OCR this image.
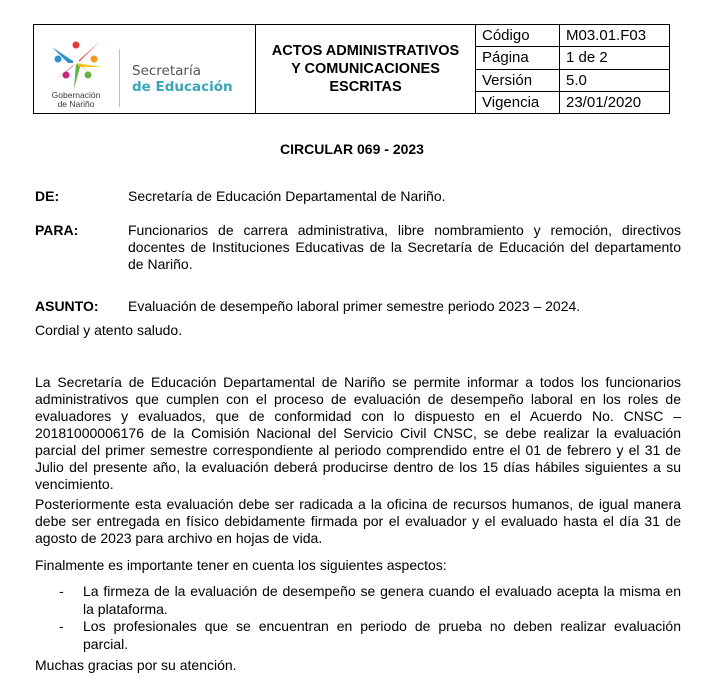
Gobernación
de Nariño
Secretaría
de Educación

ACTOS ADMINISTRATIVOS
Y COMUNICACIONES
ESCRITAS
	Código	M03.01.F03
		Página	1 de 2
		Versión	5.0
		Vigencia	23/01/2020
CIRCULAR 069 - 2023
DE:	Secretaría de Educación Departamental de Nariño.
PARA:	Funcionarios de carrera administrativa, libre nombramiento y remoción, directivos docentes de Instituciones Educativas de la Secretaría de Educación del departamento de Nariño.
ASUNTO: Evaluación de desempeño laboral primer semestre periodo 2023 – 2024.
Cordial y atento saludo.
La Secretaría de Educación Departamental de Nariño se permite informar a todos los funcionarios administrativos que cumplen con el proceso de evaluación de desempeño laboral en los roles de evaluadores y evaluados, que de conformidad con lo dispuesto en el Acuerdo No. CNSC – 20181000006176 de la Comisión Nacional del Servicio Civil CNSC, se debe realizar la evaluación parcial del primer semestre correspondiente al periodo comprendido entre el 01 de febrero y el 31 de Julio del presente año, la evaluación deberá producirse dentro de los 15 días hábiles siguientes a su vencimiento.
Posteriormente esta evaluación debe ser radicada a la oficina de recursos humanos, de igual manera debe ser entregada en físico debidamente firmada por el evaluador y el evaluado hasta el día 31 de agosto de 2023 para archivo en hojas de vida.
Finalmente es importante tener en cuenta los siguientes aspectos:
- La firmeza de la evaluación de desempeño se genera cuando el evaluado acepta la misma en la plataforma.
- Los profesionales que se encuentran en periodo de prueba no deben realizar evaluación parcial.
Muchas gracias por su atención.
